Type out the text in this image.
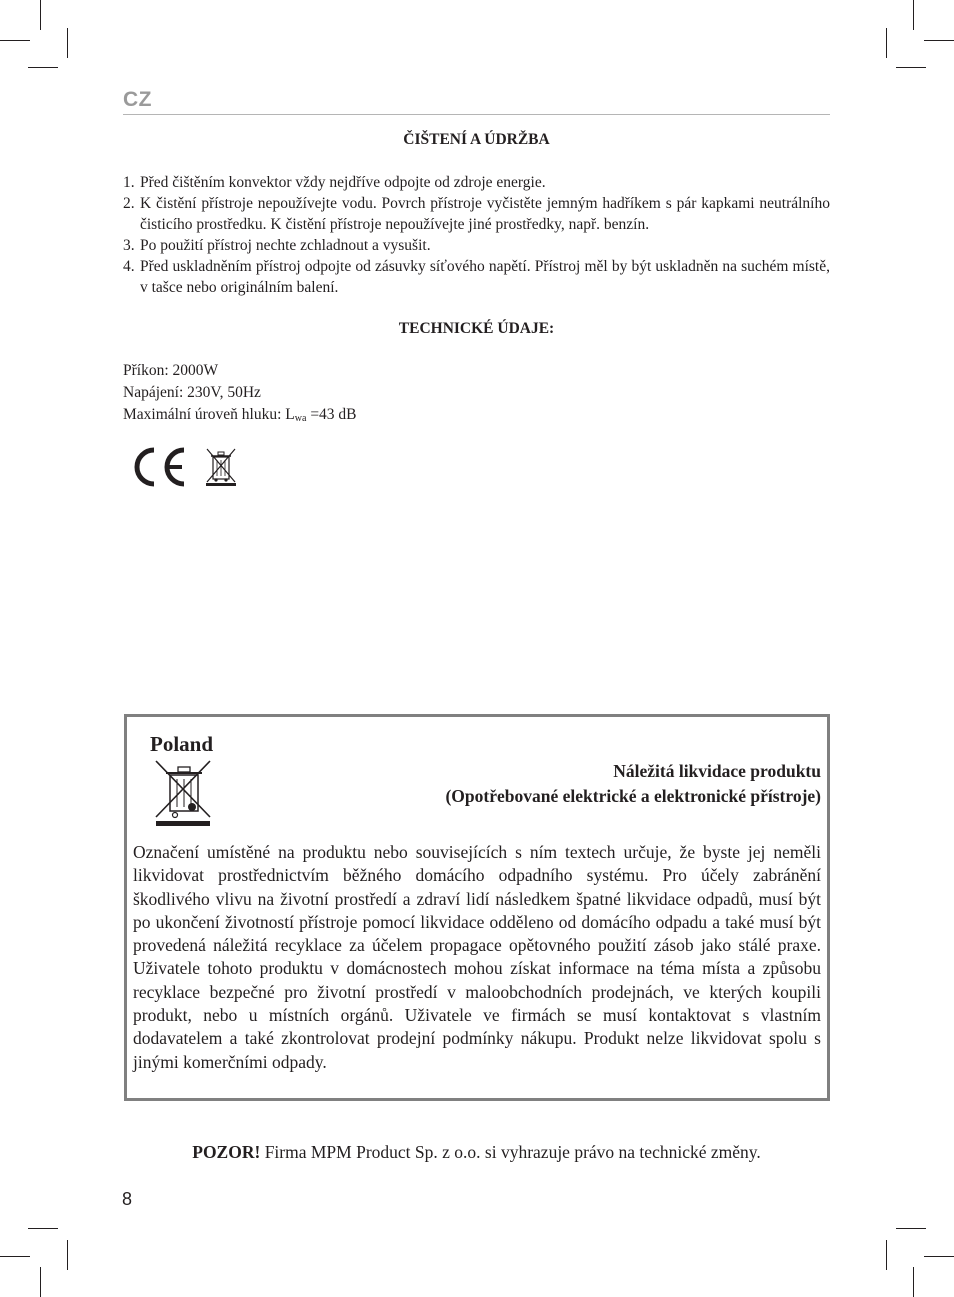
CZ
ČIŠTENÍ A ÚDRŽBA
1. Před čištěním konvektor vždy nejdříve odpojte od zdroje energie.
2. K čistění přístroje nepoužívejte vodu. Povrch přístroje vyčistěte jemným hadříkem s pár kapkami neutrálního čisticího prostředku. K čistění přístroje nepoužívejte jiné prostředky, např. benzín.
3. Po použití přístroj nechte zchladnout a vysušit.
4. Před uskladněním přístroj odpojte od zásuvky síťového napětí. Přístroj měl by být uskladněn na suchém místě, v tašce nebo originálním balení.
TECHNICKÉ ÚDAJE:
Příkon: 2000W
Napájení: 230V, 50Hz
Maximální úroveň hluku: $L_{wa} =43$ dB
Poland
Náležitá likvidace produktu
(Opotřebované elektrické a elektronické přístroje)
Označení umístěné na produktu nebo souvisejících s ním textech určuje, že byste jej neměli likvidovat prostřednictvím běžného domácího odpadního systému. Pro účely zabránění škodlivého vlivu na životní prostředí a zdraví lidí následkem špatné likvidace odpadů, musí být po ukončení životností přístroje pomocí likvidace odděleno od domácího odpadu a také musí být provedená náležitá recyklace za účelem propagace opětovného použití zásob jako stálé praxe. Uživatele tohoto produktu v domácnostech mohou získat informace na téma místa a způsobu recyklace bezpečné pro životní prostředí v maloobchodních prodejnách, ve kterých koupili produkt, nebo u místních orgánů. Uživatele ve firmách se musí kontaktovat s vlastním dodavatelem a také zkontrolovat prodejní podmínky nákupu. Produkt nelze likvidovat spolu s jinými komerčními odpady.
POZOR! Firma MPM Product Sp. z o.o. si vyhrazuje právo na technické změny.
8
